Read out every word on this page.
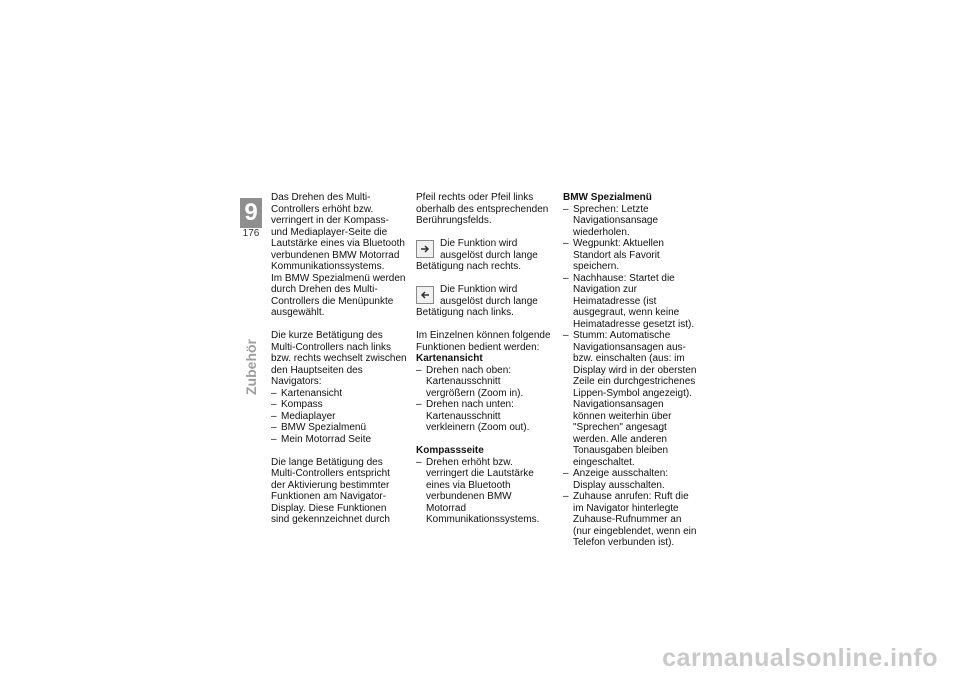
9
176
Zubehör

Das Drehen des Multi-Controllers erhöht bzw. verringert in der Kompass- und Mediaplayer-Seite die Lautstärke eines via Bluetooth verbundenen BMW Motorrad Kommunikationssystems.

Im BMW Spezialmenü werden durch Drehen des Multi-Controllers die Menüpunkte ausgewählt.

Die kurze Betätigung des Multi-Controllers nach links bzw. rechts wechselt zwischen den Hauptseiten des Navigators:

– Kartenansicht
– Kompass
– Mediaplayer
– BMW Spezialmenü
– Mein Motorrad Seite

Die lange Betätigung des Multi-Controllers entspricht der Aktivierung bestimmter Funktionen am Navigator-Display. Diese Funktionen sind gekennzeichnet durch

Pfeil rechts oder Pfeil links oberhalb des entsprechenden Berührungsfelds.

Die Funktion wird ausgelöst durch lange Betätigung nach rechts.
Die Funktion wird ausgelöst durch lange Betätigung nach links.

Im Einzelnen können folgende Funktionen bedient werden:

Kartenansicht
– Drehen nach oben: Kartenausschnitt vergrößern (Zoom in).
– Drehen nach unten: Kartenausschnitt verkleinern (Zoom out).
Kompassseite
– Drehen erhöht bzw. verringert die Lautstärke eines via Bluetooth verbundenen BMW Motorrad Kommunikationssystems.
BMW Spezialmenü
– Sprechen: Letzte Navigationsansage wiederholen.
– Wegpunkt: Aktuellen Standort als Favorit speichern.
– Nachhause: Startet die Navigation zur Heimatadresse (ist ausgegraut, wenn keine Heimatadresse gesetzt ist).
– Stumm: Automatische Navigationsansagen aus- bzw. einschalten (aus: im Display wird in der obersten Zeile ein durchgestrichenes Lippen-Symbol angezeigt). Navigationsansagen können weiterhin über "Sprechen" angesagt werden. Alle anderen Tonausgaben bleiben eingeschaltet.
– Anzeige ausschalten: Display ausschalten.
– Zuhause anrufen: Ruft die im Navigator hinterlegte Zuhause-Rufnummer an (nur eingeblendet, wenn ein Telefon verbunden ist).
carmanualsonline.info
